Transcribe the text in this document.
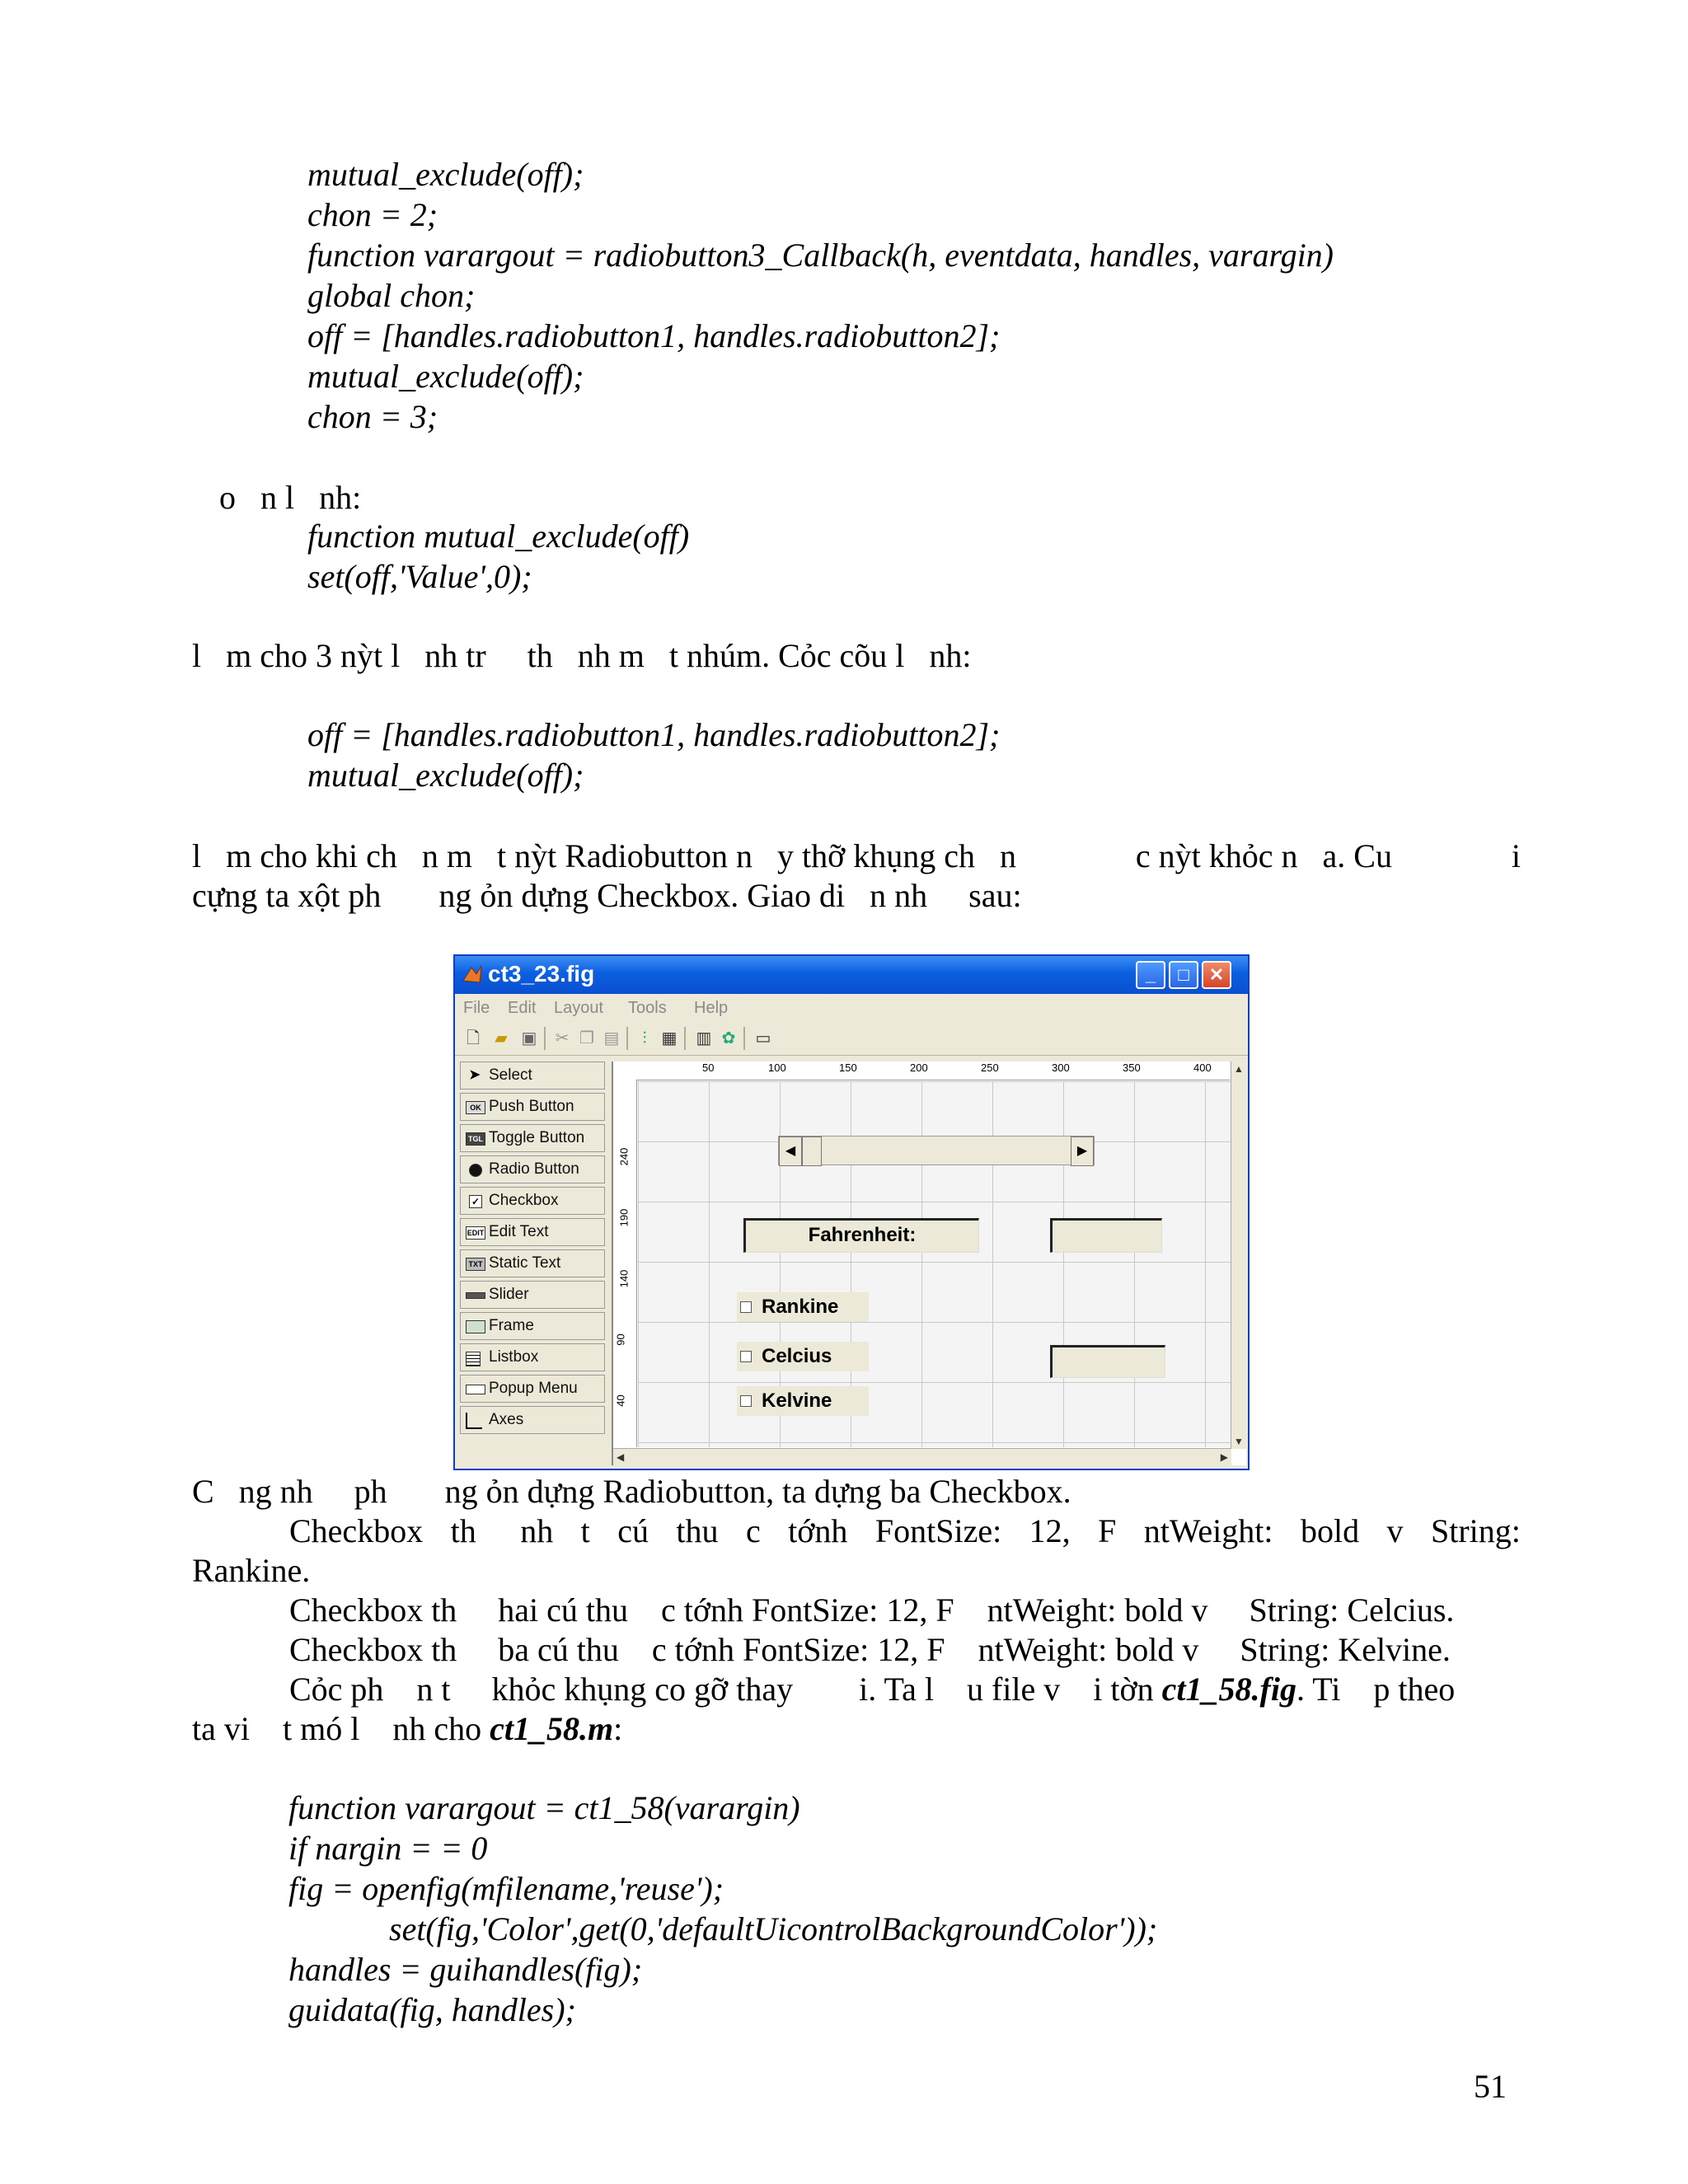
mutual_exclude(off);
chon = 2;
function varargout = radiobutton3_Callback(h, eventdata, handles, varargin)
global chon;
off = [handles.radiobutton1, handles.radiobutton2];
mutual_exclude(off);
chon = 3;
o   n l   nh:
function mutual_exclude(off)
set(off,'Value',0);
l   m cho 3 nỳt l   nh tr     th   nh m   t nhúm. Cỏc cõu l   nh:
off = [handles.radiobutton1, handles.radiobutton2];
mutual_exclude(off);
l   m cho khi ch   n m   t nỳt Radiobutton n   y thỡ khụng ch   n	c nỳt khỏc n   a. Cu	i
cựng ta xột ph       ng ỏn dựng Checkbox. Giao di   n nh     sau:
ct3_23.fig	_	□	✕
File Edit Layout Tools Help
🗋 ▰ ▣ ✂ ❐ ▤	⫶ ▦ ▥ ✿ ▭
➤ Select
OK Push Button
TGL Toggle Button
Radio Button
✓ Checkbox
EDIT Edit Text
TXT Static Text
Slider
Frame
Listbox
Popup Menu
Axes
50	100	150	200	250	300	350	400
240
190
140
90
40
◀	▶
Fahrenheit:
Rankine
Celcius
Kelvine
▲
▼
◀	▶
C   ng nh     ph       ng ỏn dựng Radiobutton, ta dựng ba Checkbox.
Checkbox th nh t cú thu c tớnh FontSize: 12, F ntWeight: bold v String:
Rankine.
Checkbox th     hai cú thu    c tớnh FontSize: 12, F    ntWeight: bold v     String: Celcius.
Checkbox th     ba cú thu    c tớnh FontSize: 12, F    ntWeight: bold v     String: Kelvine.
Cỏc ph    n t     khỏc khụng co gỡ thay        i. Ta l    u file v    i tờn ct1_58.fig. Ti    p theo
ta vi    t mó l    nh cho ct1_58.m:
function varargout = ct1_58(varargin)
if nargin = = 0
fig = openfig(mfilename,'reuse');
set(fig,'Color',get(0,'defaultUicontrolBackgroundColor'));
handles = guihandles(fig);
guidata(fig, handles);
51
